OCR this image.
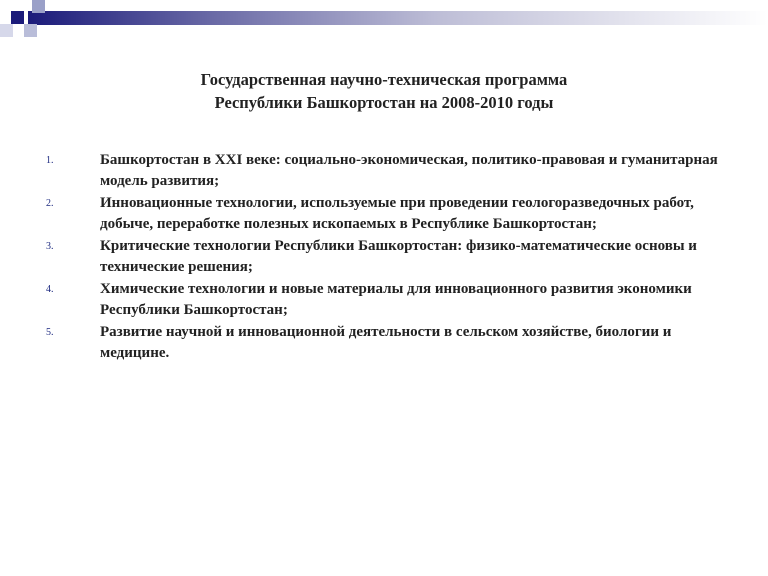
Государственная научно-техническая программа
Республики Башкортостан на 2008-2010 годы
1.	Башкортостан в XXI веке: социально-экономическая, политико-правовая и гуманитарная модель развития;
2.	Инновационные технологии, используемые при проведении геологоразведочных работ, добыче, переработке полезных ископаемых в Республике Башкортостан;
3.	Критические технологии Республики Башкортостан: физико-математические основы и технические решения;
4.	Химические технологии и новые материалы для инновационного развития экономики Республики Башкортостан;
5.	Развитие научной и инновационной деятельности в сельском хозяйстве, биологии и медицине.
